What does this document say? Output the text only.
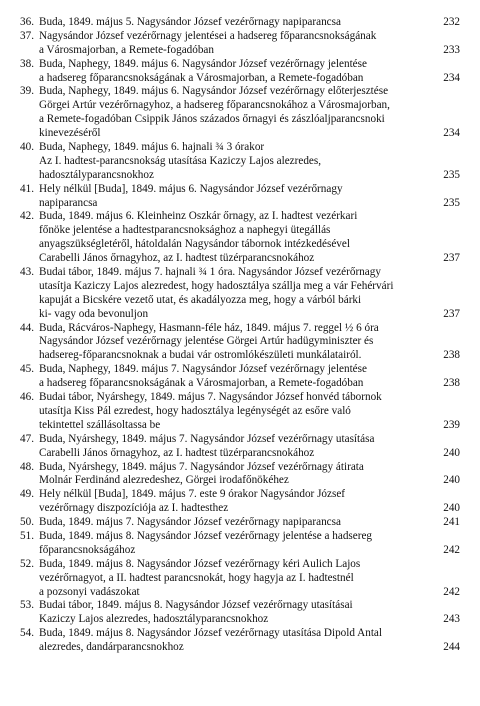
36. Buda, 1849. május 5. Nagysándor József vezérőrnagy napiparancsa	232
37. Nagysándor József vezérőrnagy jelentései a hadsereg főparancsnokságának
a Városmajorban, a Remete-fogadóban	233
38. Buda, Naphegy, 1849. május 6. Nagysándor József vezérőrnagy jelentése
a hadsereg főparancsnokságának a Városmajorban, a Remete-fogadóban	234
39. Buda, Naphegy, 1849. május 6. Nagysándor József vezérőrnagy előterjesztése
Görgei Artúr vezérőrnagyhoz, a hadsereg főparancsnokához a Városmajorban,
a Remete-fogadóban Csippik János százados őrnagyi és zászlóaljparancsnoki
kinevezéséről	234
40. Buda, Naphegy, 1849. május 6. hajnali ¾ 3 órakor
Az I. hadtest-parancsnokság utasítása Kaziczy Lajos alezredes,
hadosztályparancsnokhoz	235
41. Hely nélkül [Buda], 1849. május 6. Nagysándor József vezérőrnagy
napiparancsa	235
42. Buda, 1849. május 6. Kleinheinz Oszkár őrnagy, az I. hadtest vezérkari
főnöke jelentése a hadtestparancsnoksághoz a naphegyi ütegállás
anyagszükségletéről, hátoldalán Nagysándor tábornok intézkedésével
Carabelli János őrnagyhoz, az I. hadtest tüzérparancsnokához	237
43. Budai tábor, 1849. május 7. hajnali ¾ 1 óra. Nagysándor József vezérőrnagy
utasítja Kaziczy Lajos alezredest, hogy hadosztálya szállja meg a vár Fehérvári
kapuját a Bicskére vezető utat, és akadályozza meg, hogy a várból bárki
ki- vagy oda bevonuljon	237
44. Buda, Rácváros-Naphegy, Hasmann-féle ház, 1849. május 7. reggel ½ 6 óra
Nagysándor József vezérőrnagy jelentése Görgei Artúr hadügyminiszter és
hadsereg-főparancsnoknak a budai vár ostromlókészületi munkálatairól.	238
45. Buda, Naphegy, 1849. május 7. Nagysándor József vezérőrnagy jelentése
a hadsereg főparancsnokságának a Városmajorban, a Remete-fogadóban	238
46. Budai tábor, Nyárshegy, 1849. május 7. Nagysándor József honvéd tábornok
utasítja Kiss Pál ezredest, hogy hadosztálya legénységét az esőre való
tekintettel szállásoltassa be	239
47. Buda, Nyárshegy, 1849. május 7. Nagysándor József vezérőrnagy utasítása
Carabelli János őrnagyhoz, az I. hadtest tüzérparancsnokához	240
48. Buda, Nyárshegy, 1849. május 7. Nagysándor József vezérőrnagy átirata
Molnár Ferdinánd alezredeshez, Görgei irodafőnökéhez	240
49. Hely nélkül [Buda], 1849. május 7. este 9 órakor Nagysándor József
vezérőrnagy diszpozíciója az I. hadtesthez	240
50. Buda, 1849. május 7. Nagysándor József vezérőrnagy napiparancsa	241
51. Buda, 1849. május 8. Nagysándor József vezérőrnagy jelentése a hadsereg
főparancsnokságához	242
52. Buda, 1849. május 8. Nagysándor József vezérőrnagy kéri Aulich Lajos
vezérőrnagyot, a II. hadtest parancsnokát, hogy hagyja az I. hadtestnél
a pozsonyi vadászokat	242
53. Budai tábor, 1849. május 8. Nagysándor József vezérőrnagy utasításai
Kaziczy Lajos alezredes, hadosztályparancsnokhoz	243
54. Buda, 1849. május 8. Nagysándor József vezérőrnagy utasítása Dipold Antal
alezredes, dandárparancsnokhoz	244
